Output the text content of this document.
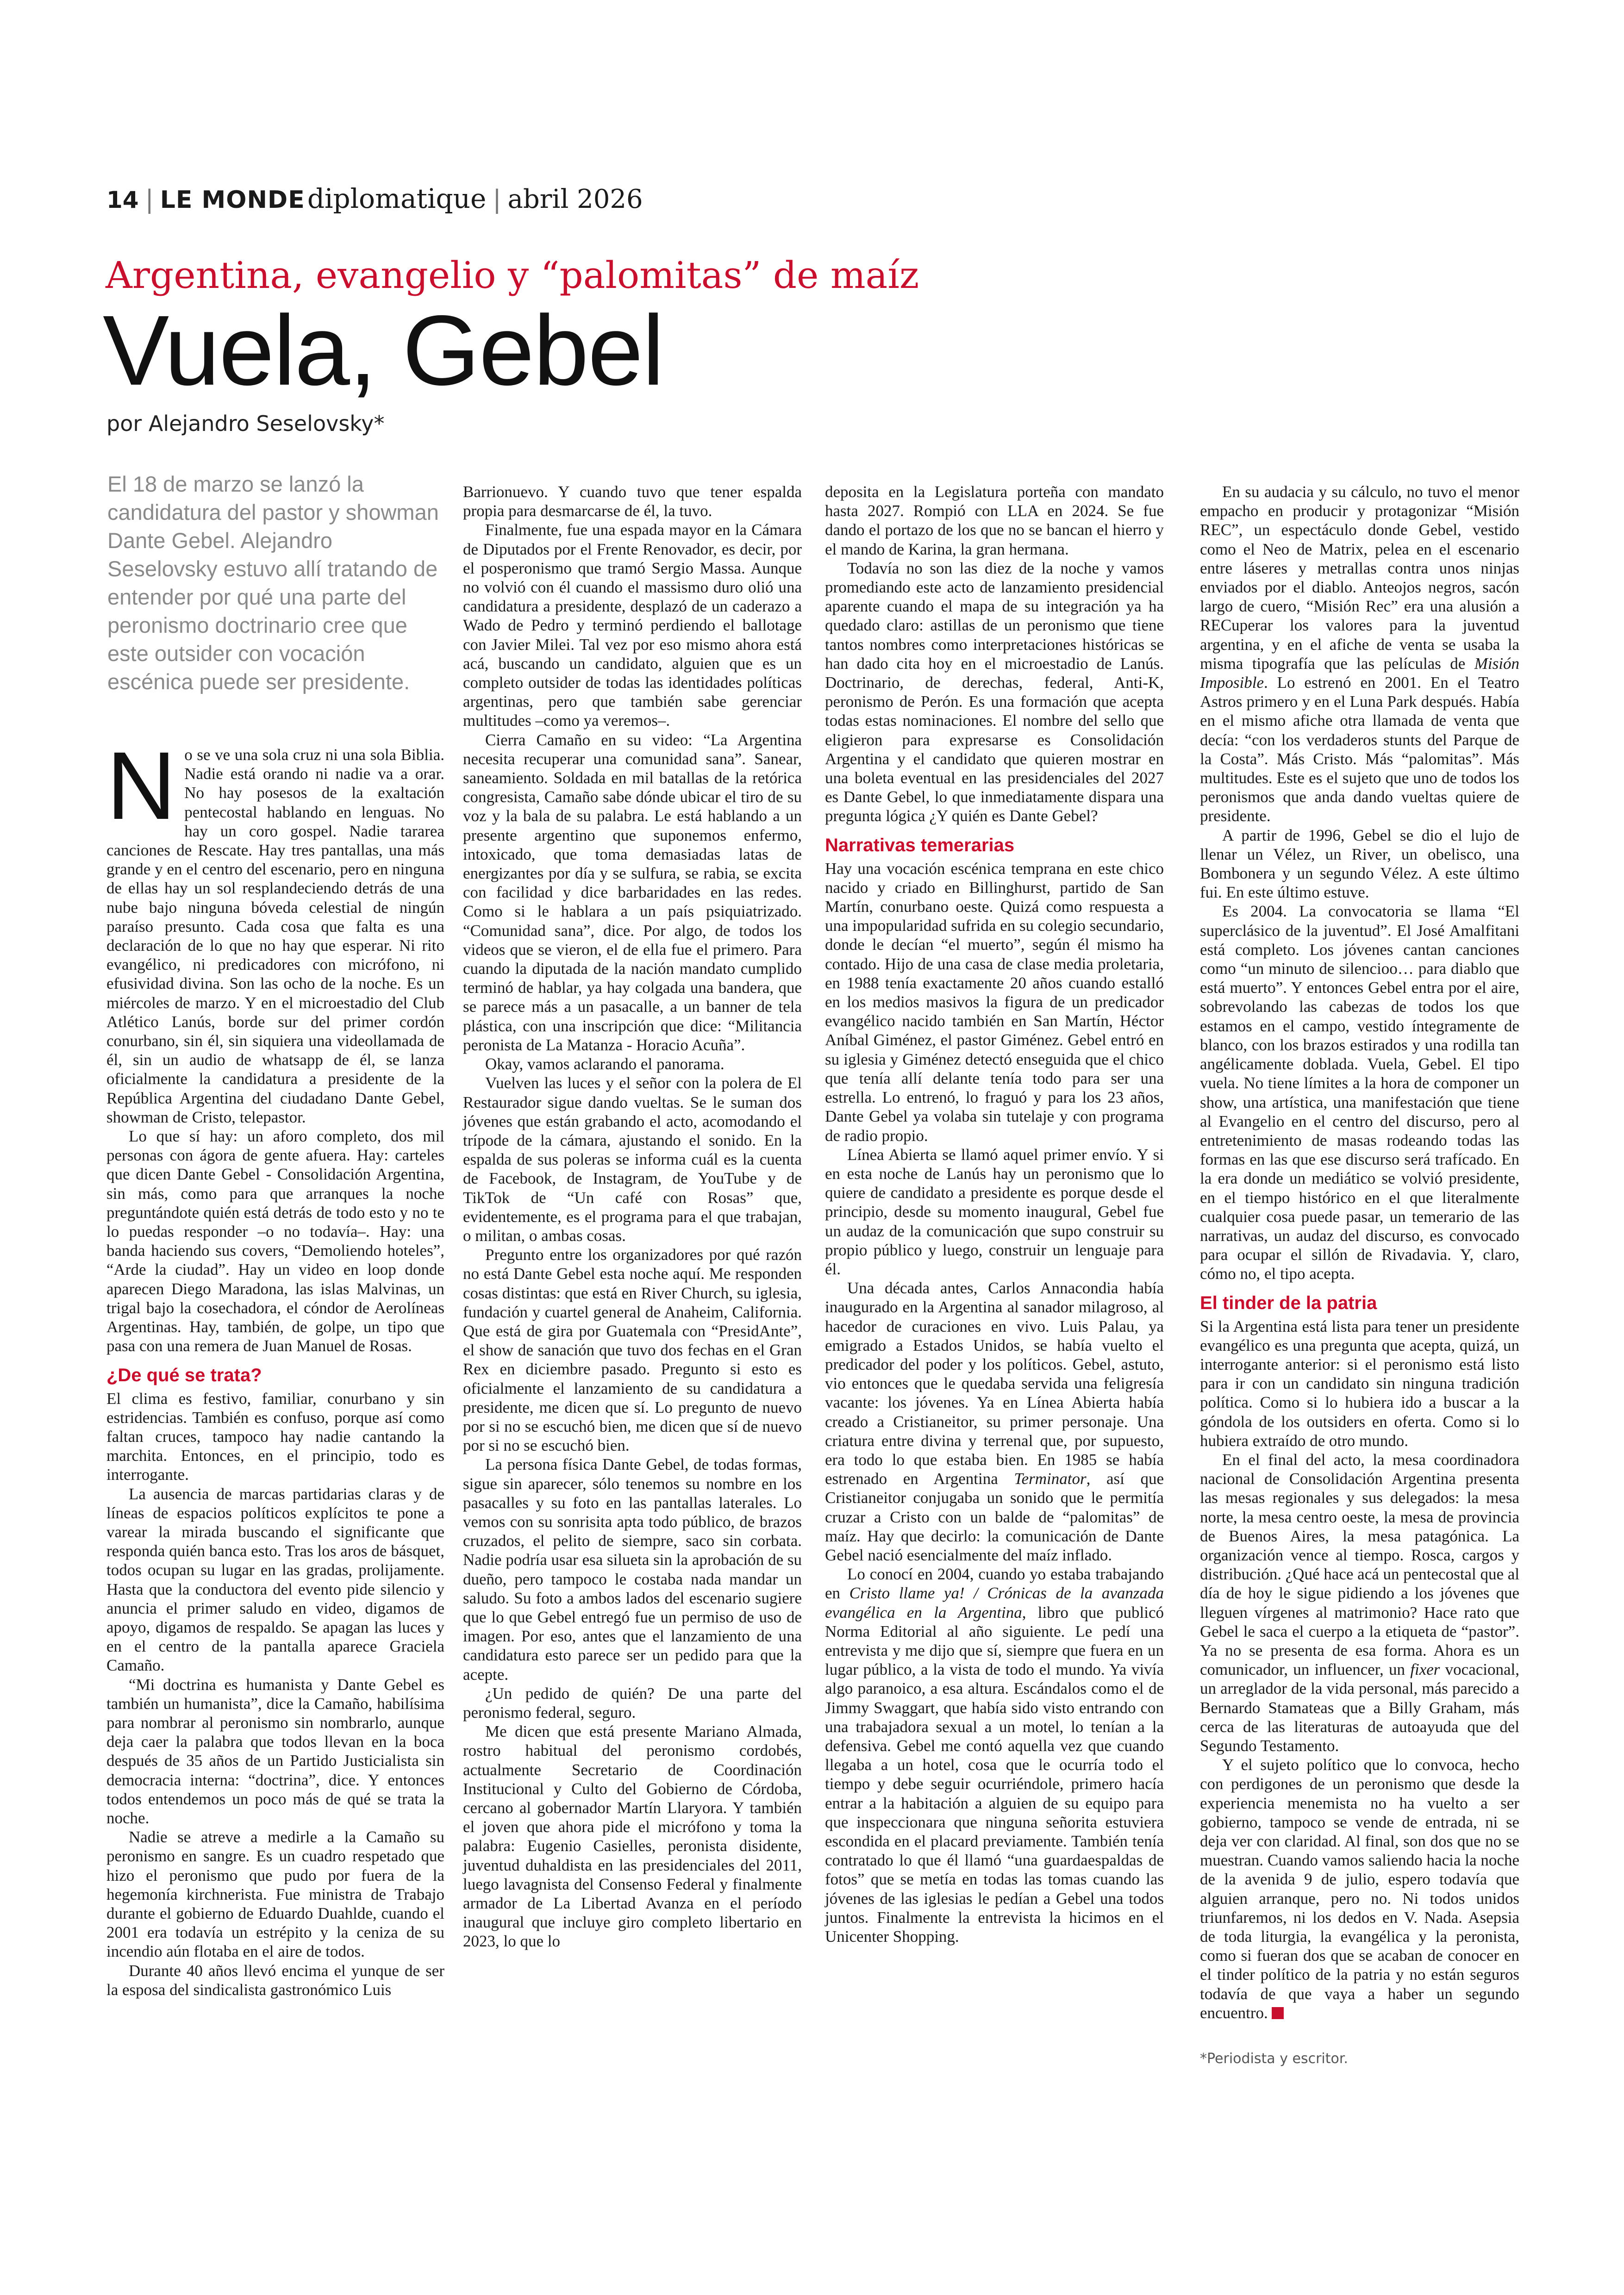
14 | LE MONDE diplomatique | abril 2026
Argentina, evangelio y “palomitas” de maíz
Vuela, Gebel
por Alejandro Seselovsky*
El 18 de marzo se lanzó la candidatura del pastor y showman Dante Gebel. Alejandro Seselovsky estuvo allí tratando de entender por qué una parte del peronismo doctrinario cree que este outsider con vocación escénica puede ser presidente.

No se ve una sola cruz ni una sola Biblia. Nadie está orando ni nadie va a orar. No hay posesos de la exaltación pentecostal hablando en lenguas. No hay un coro gospel. Nadie tararea canciones de Rescate. Hay tres pantallas, una más grande y en el centro del escenario, pero en ninguna de ellas hay un sol resplandeciendo detrás de una nube bajo ninguna bóveda celestial de ningún paraíso presunto. Cada cosa que falta es una declaración de lo que no hay que esperar. Ni rito evangélico, ni predicadores con micrófono, ni efusividad divina. Son las ocho de la noche. Es un miércoles de marzo. Y en el microestadio del Club Atlético Lanús, borde sur del primer cordón conurbano, sin él, sin siquiera una videollamada de él, sin un audio de whatsapp de él, se lanza oficialmente la candidatura a presidente de la República Argentina del ciudadano Dante Gebel, showman de Cristo, telepastor.

Lo que sí hay: un aforo completo, dos mil personas con ágora de gente afuera. Hay: carteles que dicen Dante Gebel - Consolidación Argentina, sin más, como para que arranques la noche preguntándote quién está detrás de todo esto y no te lo puedas responder –o no todavía–. Hay: una banda haciendo sus covers, “Demoliendo hoteles”, “Arde la ciudad”. Hay un video en loop donde aparecen Diego Maradona, las islas Malvinas, un trigal bajo la cosechadora, el cóndor de Aerolíneas Argentinas. Hay, también, de golpe, un tipo que pasa con una remera de Juan Manuel de Rosas.

¿De qué se trata?

El clima es festivo, familiar, conurbano y sin estridencias. También es confuso, porque así como faltan cruces, tampoco hay nadie cantando la marchita. Entonces, en el principio, todo es interrogante.

La ausencia de marcas partidarias claras y de líneas de espacios políticos explícitos te pone a varear la mirada buscando el significante que responda quién banca esto. Tras los aros de básquet, todos ocupan su lugar en las gradas, prolijamente. Hasta que la conductora del evento pide silencio y anuncia el primer saludo en video, digamos de apoyo, digamos de respaldo. Se apagan las luces y en el centro de la pantalla aparece Graciela Camaño.

“Mi doctrina es humanista y Dante Gebel es también un humanista”, dice la Camaño, habilísima para nombrar al peronismo sin nombrarlo, aunque deja caer la palabra que todos llevan en la boca después de 35 años de un Partido Justicialista sin democracia interna: “doctrina”, dice. Y entonces todos entendemos un poco más de qué se trata la noche.

Nadie se atreve a medirle a la Camaño su peronismo en sangre. Es un cuadro respetado que hizo el peronismo que pudo por fuera de la hegemonía kirchnerista. Fue ministra de Trabajo durante el gobierno de Eduardo Duahlde, cuando el 2001 era todavía un estrépito y la ceniza de su incendio aún flotaba en el aire de todos.

Durante 40 años llevó encima el yunque de ser la esposa del sindicalista gastronómico Luis

Barrionuevo. Y cuando tuvo que tener espalda propia para desmarcarse de él, la tuvo.

Finalmente, fue una espada mayor en la Cámara de Diputados por el Frente Renovador, es decir, por el posperonismo que tramó Sergio Massa. Aunque no volvió con él cuando el massismo duro olió una candidatura a presidente, desplazó de un caderazo a Wado de Pedro y terminó perdiendo el ballotage con Javier Milei. Tal vez por eso mismo ahora está acá, buscando un candidato, alguien que es un completo outsider de todas las identidades políticas argentinas, pero que también sabe gerenciar multitudes –como ya veremos–.

Cierra Camaño en su video: “La Argentina necesita recuperar una comunidad sana”. Sanear, saneamiento. Soldada en mil batallas de la retórica congresista, Camaño sabe dónde ubicar el tiro de su voz y la bala de su palabra. Le está hablando a un presente argentino que suponemos enfermo, intoxicado, que toma demasiadas latas de energizantes por día y se sulfura, se rabia, se excita con facilidad y dice barbaridades en las redes. Como si le hablara a un país psiquiatrizado. “Comunidad sana”, dice. Por algo, de todos los videos que se vieron, el de ella fue el primero. Para cuando la diputada de la nación mandato cumplido terminó de hablar, ya hay colgada una bandera, que se parece más a un pasacalle, a un banner de tela plástica, con una inscripción que dice: “Militancia peronista de La Matanza - Horacio Acuña”.

Okay, vamos aclarando el panorama.

Vuelven las luces y el señor con la polera de El Restaurador sigue dando vueltas. Se le suman dos jóvenes que están grabando el acto, acomodando el trípode de la cámara, ajustando el sonido. En la espalda de sus poleras se informa cuál es la cuenta de Facebook, de Instagram, de YouTube y de TikTok de “Un café con Rosas” que, evidentemente, es el programa para el que trabajan, o militan, o ambas cosas.

Pregunto entre los organizadores por qué razón no está Dante Gebel esta noche aquí. Me responden cosas distintas: que está en River Church, su iglesia, fundación y cuartel general de Anaheim, California. Que está de gira por Guatemala con “PresidAnte”, el show de sanación que tuvo dos fechas en el Gran Rex en diciembre pasado. Pregunto si esto es oficialmente el lanzamiento de su candidatura a presidente, me dicen que sí. Lo pregunto de nuevo por si no se escuchó bien, me dicen que sí de nuevo por si no se escuchó bien.

La persona física Dante Gebel, de todas formas, sigue sin aparecer, sólo tenemos su nombre en los pasacalles y su foto en las pantallas laterales. Lo vemos con su sonrisita apta todo público, de brazos cruzados, el pelito de siempre, saco sin corbata. Nadie podría usar esa silueta sin la aprobación de su dueño, pero tampoco le costaba nada mandar un saludo. Su foto a ambos lados del escenario sugiere que lo que Gebel entregó fue un permiso de uso de imagen. Por eso, antes que el lanzamiento de una candidatura esto parece ser un pedido para que la acepte.

¿Un pedido de quién? De una parte del peronismo federal, seguro.

Me dicen que está presente Mariano Almada, rostro habitual del peronismo cordobés, actualmente Secretario de Coordinación Institucional y Culto del Gobierno de Córdoba, cercano al gobernador Martín Llaryora. Y también el joven que ahora pide el micrófono y toma la palabra: Eugenio Casielles, peronista disidente, juventud duhaldista en las presidenciales del 2011, luego lavagnista del Consenso Federal y finalmente armador de La Libertad Avanza en el período inaugural que incluye giro completo libertario en 2023, lo que lo

deposita en la Legislatura porteña con mandato hasta 2027. Rompió con LLA en 2024. Se fue dando el portazo de los que no se bancan el hierro y el mando de Karina, la gran hermana.

Todavía no son las diez de la noche y vamos promediando este acto de lanzamiento presidencial aparente cuando el mapa de su integración ya ha quedado claro: astillas de un peronismo que tiene tantos nombres como interpretaciones históricas se han dado cita hoy en el microestadio de Lanús. Doctrinario, de derechas, federal, Anti-K, peronismo de Perón. Es una formación que acepta todas estas nominaciones. El nombre del sello que eligieron para expresarse es Consolidación Argentina y el candidato que quieren mostrar en una boleta eventual en las presidenciales del 2027 es Dante Gebel, lo que inmediatamente dispara una pregunta lógica ¿Y quién es Dante Gebel?

Narrativas temerarias

Hay una vocación escénica temprana en este chico nacido y criado en Billinghurst, partido de San Martín, conurbano oeste. Quizá como respuesta a una impopularidad sufrida en su colegio secundario, donde le decían “el muerto”, según él mismo ha contado. Hijo de una casa de clase media proletaria, en 1988 tenía exactamente 20 años cuando estalló en los medios masivos la figura de un predicador evangélico nacido también en San Martín, Héctor Aníbal Giménez, el pastor Giménez. Gebel entró en su iglesia y Giménez detectó enseguida que el chico que tenía allí delante tenía todo para ser una estrella. Lo entrenó, lo fraguó y para los 23 años, Dante Gebel ya volaba sin tutelaje y con programa de radio propio.

Línea Abierta se llamó aquel primer envío. Y si en esta noche de Lanús hay un peronismo que lo quiere de candidato a presidente es porque desde el principio, desde su momento inaugural, Gebel fue un audaz de la comunicación que supo construir su propio público y luego, construir un lenguaje para él.

Una década antes, Carlos Annacondia había inaugurado en la Argentina al sanador milagroso, al hacedor de curaciones en vivo. Luis Palau, ya emigrado a Estados Unidos, se había vuelto el predicador del poder y los políticos. Gebel, astuto, vio entonces que le quedaba servida una feligresía vacante: los jóvenes. Ya en Línea Abierta había creado a Cristianeitor, su primer personaje. Una criatura entre divina y terrenal que, por supuesto, era todo lo que estaba bien. En 1985 se había estrenado en Argentina Terminator, así que Cristianeitor conjugaba un sonido que le permitía cruzar a Cristo con un balde de “palomitas” de maíz. Hay que decirlo: la comunicación de Dante Gebel nació esencialmente del maíz inflado.

Lo conocí en 2004, cuando yo estaba trabajando en Cristo llame ya! / Crónicas de la avanzada evangélica en la Argentina, libro que publicó Norma Editorial al año siguiente. Le pedí una entrevista y me dijo que sí, siempre que fuera en un lugar público, a la vista de todo el mundo. Ya vivía algo paranoico, a esa altura. Escándalos como el de Jimmy Swaggart, que había sido visto entrando con una trabajadora sexual a un motel, lo tenían a la defensiva. Gebel me contó aquella vez que cuando llegaba a un hotel, cosa que le ocurría todo el tiempo y debe seguir ocurriéndole, primero hacía entrar a la habitación a alguien de su equipo para que inspeccionara que ninguna señorita estuviera escondida en el placard previamente. También tenía contratado lo que él llamó “una guardaespaldas de fotos” que se metía en todas las tomas cuando las jóvenes de las iglesias le pedían a Gebel una todos juntos. Finalmente la entrevista la hicimos en el Unicenter Shopping.

En su audacia y su cálculo, no tuvo el menor empacho en producir y protagonizar “Misión REC”, un espectáculo donde Gebel, vestido como el Neo de Matrix, pelea en el escenario entre láseres y metrallas contra unos ninjas enviados por el diablo. Anteojos negros, sacón largo de cuero, “Misión Rec” era una alusión a RECuperar los valores para la juventud argentina, y en el afiche de venta se usaba la misma tipografía que las películas de Misión Imposible. Lo estrenó en 2001. En el Teatro Astros primero y en el Luna Park después. Había en el mismo afiche otra llamada de venta que decía: “con los verdaderos stunts del Parque de la Costa”. Más Cristo. Más “palomitas”. Más multitudes. Este es el sujeto que uno de todos los peronismos que anda dando vueltas quiere de presidente.

A partir de 1996, Gebel se dio el lujo de llenar un Vélez, un River, un obelisco, una Bombonera y un segundo Vélez. A este último fui. En este último estuve.

Es 2004. La convocatoria se llama “El superclásico de la juventud”. El José Amalfitani está completo. Los jóvenes cantan canciones como “un minuto de silencioo… para diablo que está muerto”. Y entonces Gebel entra por el aire, sobrevolando las cabezas de todos los que estamos en el campo, vestido íntegramente de blanco, con los brazos estirados y una rodilla tan angélicamente doblada. Vuela, Gebel. El tipo vuela. No tiene límites a la hora de componer un show, una artística, una manifestación que tiene al Evangelio en el centro del discurso, pero al entretenimiento de masas rodeando todas las formas en las que ese discurso será trafícado. En la era donde un mediático se volvió presidente, en el tiempo histórico en el que literalmente cualquier cosa puede pasar, un temerario de las narrativas, un audaz del discurso, es convocado para ocupar el sillón de Rivadavia. Y, claro, cómo no, el tipo acepta.

El tinder de la patria

Si la Argentina está lista para tener un presidente evangélico es una pregunta que acepta, quizá, un interrogante anterior: si el peronismo está listo para ir con un candidato sin ninguna tradición política. Como si lo hubiera ido a buscar a la góndola de los outsiders en oferta. Como si lo hubiera extraído de otro mundo.

En el final del acto, la mesa coordinadora nacional de Consolidación Argentina presenta las mesas regionales y sus delegados: la mesa norte, la mesa centro oeste, la mesa de provincia de Buenos Aires, la mesa patagónica. La organización vence al tiempo. Rosca, cargos y distribución. ¿Qué hace acá un pentecostal que al día de hoy le sigue pidiendo a los jóvenes que lleguen vírgenes al matrimonio? Hace rato que Gebel le saca el cuerpo a la etiqueta de “pastor”. Ya no se presenta de esa forma. Ahora es un comunicador, un influencer, un fixer vocacional, un arreglador de la vida personal, más parecido a Bernardo Stamateas que a Billy Graham, más cerca de las literaturas de autoayuda que del Segundo Testamento.

Y el sujeto político que lo convoca, hecho con perdigones de un peronismo que desde la experiencia menemista no ha vuelto a ser gobierno, tampoco se vende de entrada, ni se deja ver con claridad. Al final, son dos que no se muestran. Cuando vamos saliendo hacia la noche de la avenida 9 de julio, espero todavía que alguien arranque, pero no. Ni todos unidos triunfaremos, ni los dedos en V. Nada. Asepsia de toda liturgia, la evangélica y la peronista, como si fueran dos que se acaban de conocer en el tinder político de la patria y no están seguros todavía de que vaya a haber un segundo encuentro.

*Periodista y escritor.
